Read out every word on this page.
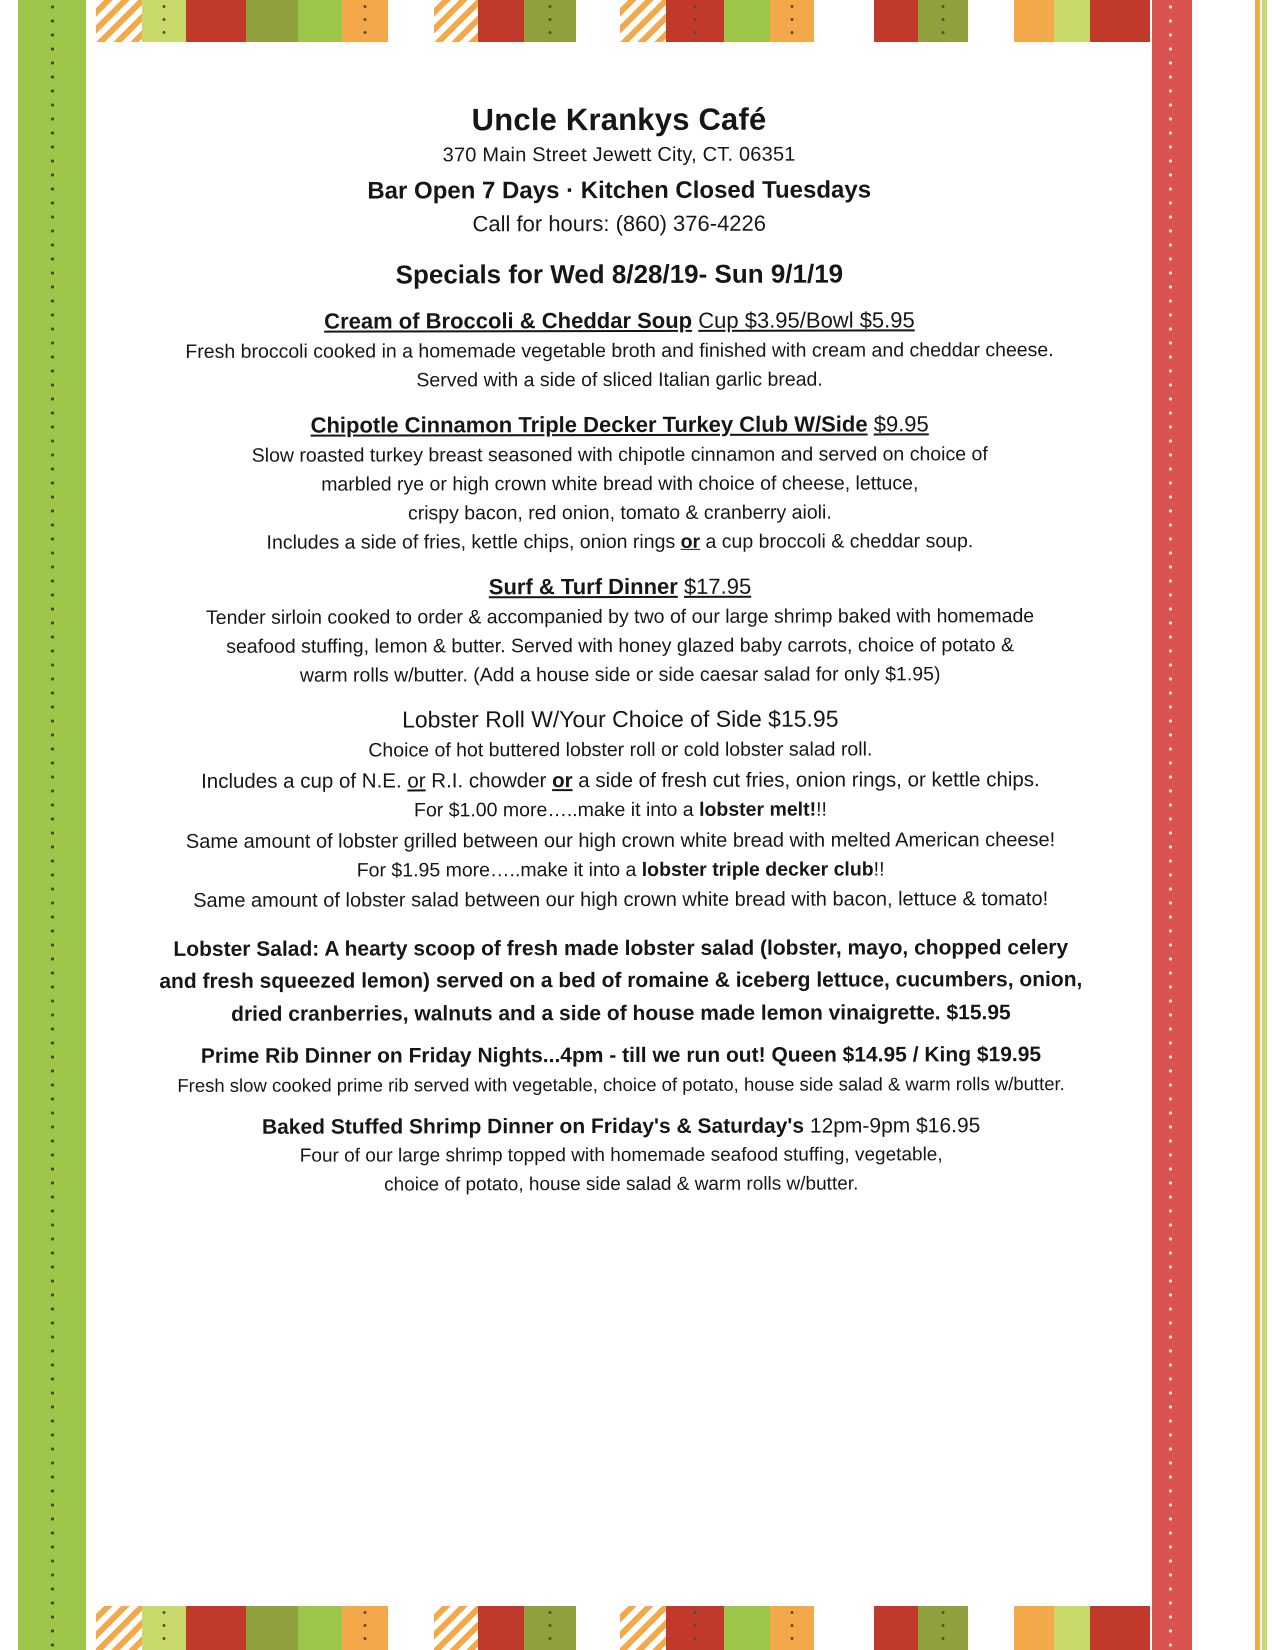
Uncle Krankys Café

370 Main Street Jewett City, CT. 06351

Bar Open 7 Days · Kitchen Closed Tuesdays

Call for hours: (860) 376-4226

Specials for Wed 8/28/19- Sun 9/1/19
Cream of Broccoli & Cheddar Soup Cup $3.95/Bowl $5.95
Fresh broccoli cooked in a homemade vegetable broth and finished with cream and cheddar cheese.
Served with a side of sliced Italian garlic bread.
Chipotle Cinnamon Triple Decker Turkey Club W/Side $9.95
Slow roasted turkey breast seasoned with chipotle cinnamon and served on choice of
marbled rye or high crown white bread with choice of cheese, lettuce,
crispy bacon, red onion, tomato & cranberry aioli.
Includes a side of fries, kettle chips, onion rings or a cup broccoli & cheddar soup.
Surf & Turf Dinner $17.95
Tender sirloin cooked to order & accompanied by two of our large shrimp baked with homemade
seafood stuffing, lemon & butter. Served with honey glazed baby carrots, choice of potato &
warm rolls w/butter. (Add a house side or side caesar salad for only $1.95)
Lobster Roll W/Your Choice of Side $15.95
Choice of hot buttered lobster roll or cold lobster salad roll.
Includes a cup of N.E. or R.I. chowder or a side of fresh cut fries, onion rings, or kettle chips.
For $1.00 more…..make it into a lobster melt!!!
Same amount of lobster grilled between our high crown white bread with melted American cheese!
For $1.95 more…..make it into a lobster triple decker club!!
Same amount of lobster salad between our high crown white bread with bacon, lettuce & tomato!
Lobster Salad: A hearty scoop of fresh made lobster salad (lobster, mayo, chopped celery
and fresh squeezed lemon) served on a bed of romaine & iceberg lettuce, cucumbers, onion,
dried cranberries, walnuts and a side of house made lemon vinaigrette. $15.95
Prime Rib Dinner on Friday Nights...4pm - till we run out! Queen $14.95 / King $19.95
Fresh slow cooked prime rib served with vegetable, choice of potato, house side salad & warm rolls w/butter.
Baked Stuffed Shrimp Dinner on Friday's & Saturday's 12pm-9pm $16.95
Four of our large shrimp topped with homemade seafood stuffing, vegetable,
choice of potato, house side salad & warm rolls w/butter.
